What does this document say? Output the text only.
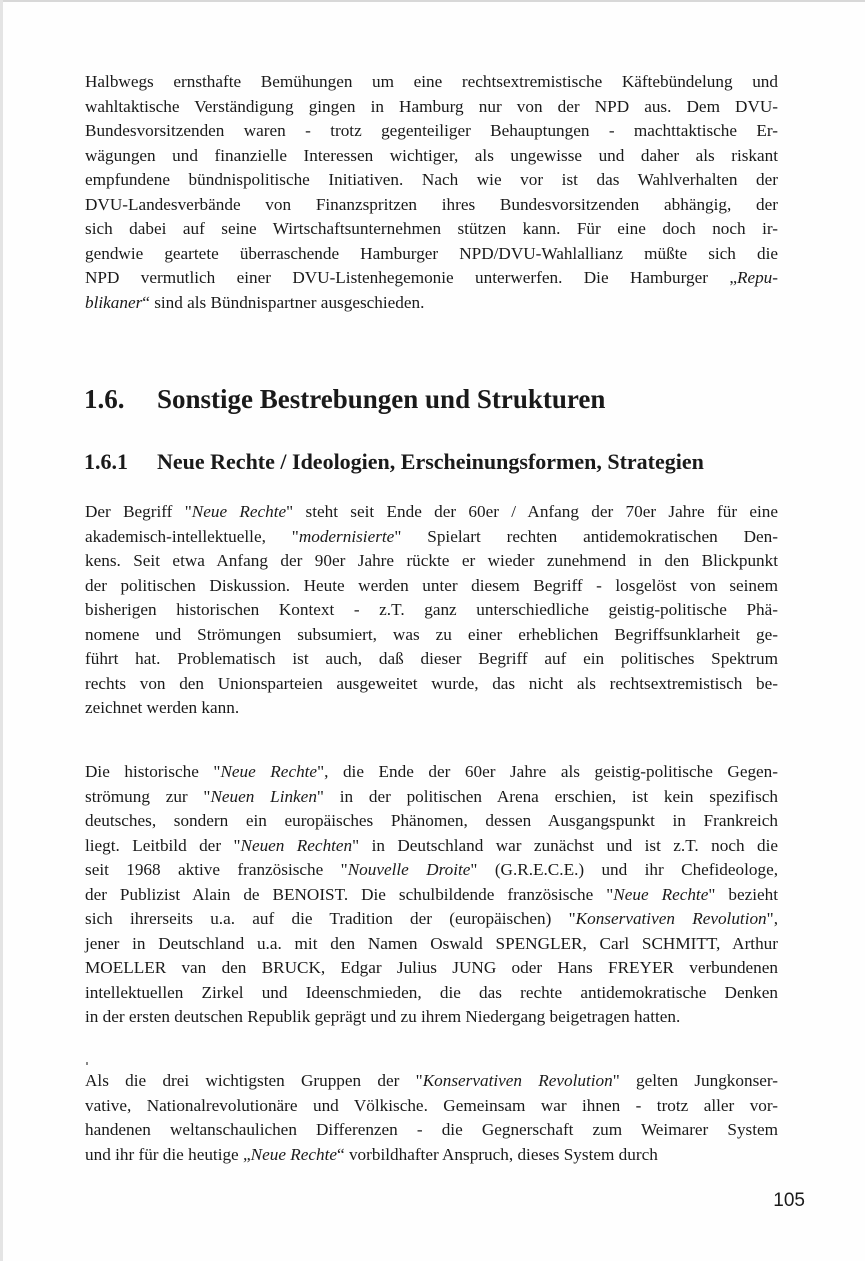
Halbwegs ernsthafte Bemühungen um eine rechtsextremistische Käftebündelung und
wahltaktische Verständigung gingen in Hamburg nur von der NPD aus. Dem DVU-
Bundesvorsitzenden waren - trotz gegenteiliger Behauptungen - machttaktische Er-
wägungen und finanzielle Interessen wichtiger, als ungewisse und daher als riskant
empfundene bündnispolitische Initiativen. Nach wie vor ist das Wahlverhalten der
DVU-Landesverbände von Finanzspritzen ihres Bundesvorsitzenden abhängig, der
sich dabei auf seine Wirtschaftsunternehmen stützen kann. Für eine doch noch ir-
gendwie geartete überraschende Hamburger NPD/DVU-Wahlallianz müßte sich die
NPD vermutlich einer DVU-Listenhegemonie unterwerfen. Die Hamburger „Repu-
blikaner“ sind als Bündnispartner ausgeschieden.

1.6. Sonstige Bestrebungen und Strukturen
1.6.1 Neue Rechte / Ideologien, Erscheinungsformen, Strategien

Der Begriff "Neue Rechte" steht seit Ende der 60er / Anfang der 70er Jahre für eine
akademisch-intellektuelle, "modernisierte" Spielart rechten antidemokratischen Den-
kens. Seit etwa Anfang der 90er Jahre rückte er wieder zunehmend in den Blickpunkt
der politischen Diskussion. Heute werden unter diesem Begriff - losgelöst von seinem
bisherigen historischen Kontext - z.T. ganz unterschiedliche geistig-politische Phä-
nomene und Strömungen subsumiert, was zu einer erheblichen Begriffsunklarheit ge-
führt hat. Problematisch ist auch, daß dieser Begriff auf ein politisches Spektrum
rechts von den Unionsparteien ausgeweitet wurde, das nicht als rechtsextremistisch be-
zeichnet werden kann.

Die historische "Neue Rechte", die Ende der 60er Jahre als geistig-politische Gegen-
strömung zur "Neuen Linken" in der politischen Arena erschien, ist kein spezifisch
deutsches, sondern ein europäisches Phänomen, dessen Ausgangspunkt in Frankreich
liegt. Leitbild der "Neuen Rechten" in Deutschland war zunächst und ist z.T. noch die
seit 1968 aktive französische "Nouvelle Droite" (G.R.E.C.E.) und ihr Chefideologe,
der Publizist Alain de BENOIST. Die schulbildende französische "Neue Rechte" bezieht
sich ihrerseits u.a. auf die Tradition der (europäischen) "Konservativen Revolution",
jener in Deutschland u.a. mit den Namen Oswald SPENGLER, Carl SCHMITT, Arthur
MOELLER van den BRUCK, Edgar Julius JUNG oder Hans FREYER verbundenen
intellektuellen Zirkel und Ideenschmieden, die das rechte antidemokratische Denken
in der ersten deutschen Republik geprägt und zu ihrem Niedergang beigetragen hatten.

Als die drei wichtigsten Gruppen der "Konservativen Revolution" gelten Jungkonser-
vative, Nationalrevolutionäre und Völkische. Gemeinsam war ihnen - trotz aller vor-
handenen weltanschaulichen Differenzen - die Gegnerschaft zum Weimarer System
und ihr für die heutige „Neue Rechte“ vorbildhafter Anspruch, dieses System durch

105
